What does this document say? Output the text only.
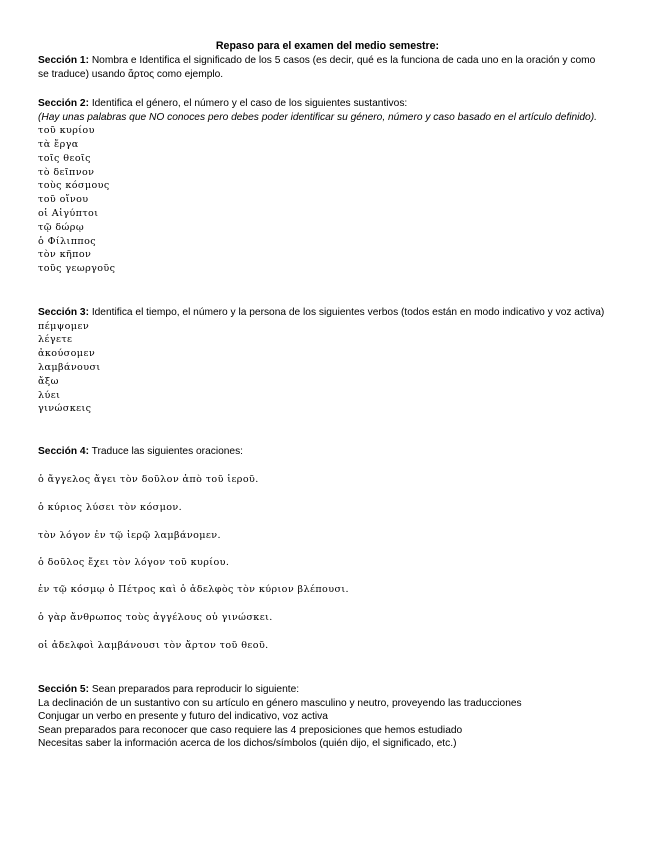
Repaso para el examen del medio semestre:
Sección 1: Nombra e Identifica el significado de los 5 casos (es decir, qué es la funciona de cada uno en la oración y como se traduce) usando ἄρτος como ejemplo.
Sección 2: Identifica el género, el número y el caso de los siguientes sustantivos:
(Hay unas palabras que NO conoces pero debes poder identificar su género, número y caso basado en el artículo definido).
τοῦ κυρίου
τὰ ἔργα
τοῖς θεοῖς
τὸ δεῖπνον
τοὺς κόσμους
τοῦ οἴνου
οἱ Αἰγύπτοι
τῷ δώρῳ
ὁ Φίλιππος
τὸν κῆπον
τοῦς γεωργοῦς
Sección 3: Identifica el tiempo, el número y la persona de los siguientes verbos (todos están en modo indicativo y voz activa)
πέμψομεν
λέγετε
ἀκούσομεν
λαμβάνουσι
ἄξω
λύει
γινώσκεις
Sección 4: Traduce las siguientes oraciones:
ὁ ἄγγελος ἄγει τὸν δοῦλον ἀπὸ τοῦ ἱεροῦ.
ὁ κύριος λύσει τὸν κόσμον.
τὸν λόγον ἐν τῷ ἱερῷ λαμβάνομεν.
ὁ δοῦλος ἔχει τὸν λόγον τοῦ κυρίου.
ἐν τῷ κόσμῳ ὁ Πέτρος καὶ ὁ ἀδελφὸς τὸν κύριον βλέπουσι.
ὁ γὰρ ἄνθρωπος τοὺς ἀγγέλους οὐ γινώσκει.
οἱ ἀδελφοὶ λαμβάνουσι τὸν ἄρτον τοῦ θεοῦ.
Sección 5: Sean preparados para reproducir lo siguiente:
La declinación de un sustantivo con su artículo en género masculino y neutro, proveyendo las traducciones
Conjugar un verbo en presente y futuro del indicativo, voz activa
Sean preparados para reconocer que caso requiere las 4 preposiciones que hemos estudiado
Necesitas saber la información acerca de los dichos/símbolos (quién dijo, el significado, etc.)
